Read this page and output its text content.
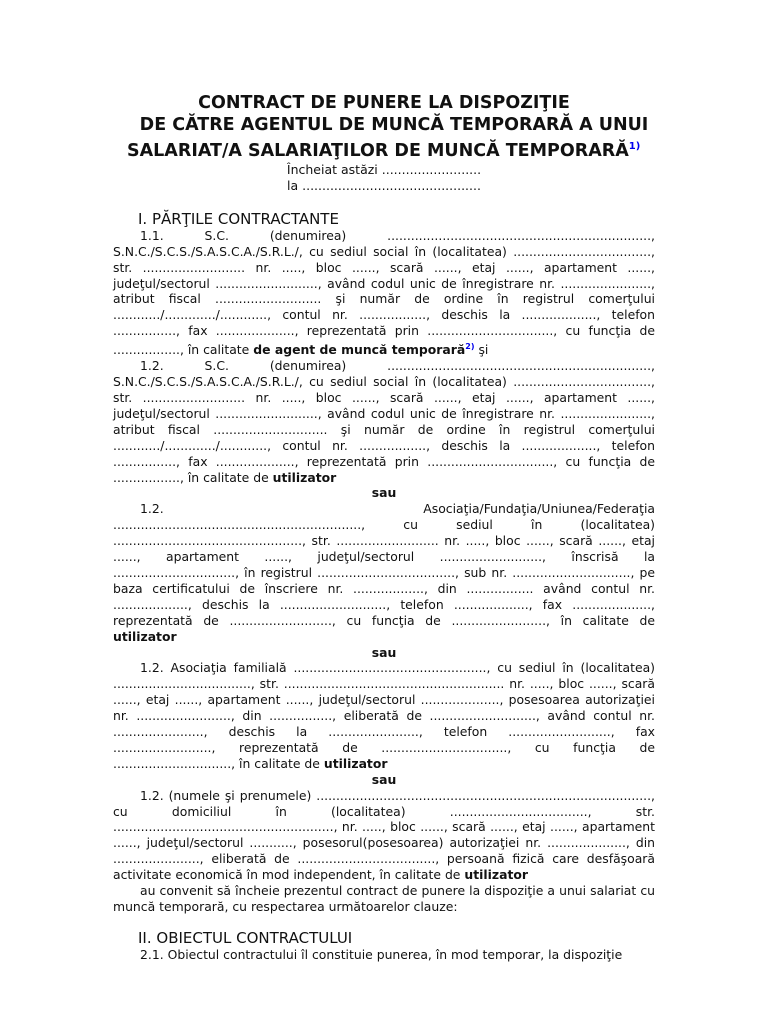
CONTRACT DE PUNERE LA DISPOZIŢIE
DE CĂTRE AGENTUL DE MUNCĂ TEMPORARĂ A UNUI

SALARIAT/A SALARIAŢILOR DE MUNCĂ TEMPORARĂ$^{1)}$
Încheiat astăzi .........................
la .............................................
I. PĂRŢILE CONTRACTANTE

1.1. S.C. (denumirea) ..................................................................., S.N.C./S.C.S./S.A.S.C.A./S.R.L./, cu sediul social în (localitatea) ..................................., str. .......................... nr. ....., bloc ......, scară ......, etaj ......, apartament ......, judeţul/sectorul .........................., având codul unic de înregistrare nr. ......................., atribut fiscal ........................... şi număr de ordine în registrul comerţului ............/............./............, contul nr. ................., deschis la ..................., telefon ................, fax ...................., reprezentată prin ................................, cu funcţia de ................., în calitate de agent de muncă temporară$^{2)}$ şi

1.2. S.C. (denumirea) ..................................................................., S.N.C./S.C.S./S.A.S.C.A./S.R.L./, cu sediul social în (localitatea) ..................................., str. .......................... nr. ....., bloc ......, scară ......, etaj ......, apartament ......, judeţul/sectorul .........................., având codul unic de înregistrare nr. ......................., atribut fiscal ............................. şi număr de ordine în registrul comerţului ............/............./............, contul nr. ................., deschis la ..................., telefon ................, fax ...................., reprezentată prin ................................, cu funcţia de ................., în calitate de utilizator

sau

1.2. Asociaţia/Fundaţia/Uniunea/Federaţia ..............................................................., cu sediul în (localitatea) ................................................, str. .......................... nr. ....., bloc ......, scară ......, etaj ......, apartament ......, judeţul/sectorul .........................., înscrisă la ..............................., în registrul ..................................., sub nr. .............................., pe baza certificatului de înscriere nr. .................., din ................. având contul nr. ..................., deschis la ..........................., telefon ..................., fax ...................., reprezentată de .........................., cu funcţia de ........................, în calitate de utilizator

sau

1.2. Asociaţia familială ................................................., cu sediul în (localitatea) ..................................., str. ........................................................ nr. ....., bloc ......, scară ......, etaj ......, apartament ......, judeţul/sectorul ...................., posesoarea autorizaţiei nr. ........................, din ................, eliberată de ..........................., având contul nr. ......................., deschis la ......................., telefon .........................., fax ........................., reprezentată de ................................, cu funcţia de .............................., în calitate de utilizator

sau

1.2. (numele şi prenumele) ....................................................................................., cu domiciliul în (localitatea) ..................................., str. ........................................................, nr. ....., bloc ......, scară ......, etaj ......, apartament ......, judeţul/sectorul ..........., posesorul(posesoarea) autorizaţiei nr. ...................., din ......................, eliberată de ..................................., persoană fizică care desfăşoară activitate economică în mod independent, în calitate de utilizator

au convenit să încheie prezentul contract de punere la dispoziţie a unui salariat cu muncă temporară, cu respectarea următoarelor clauze:

II. OBIECTUL CONTRACTULUI

2.1. Obiectul contractului îl constituie punerea, în mod temporar, la dispoziţie
